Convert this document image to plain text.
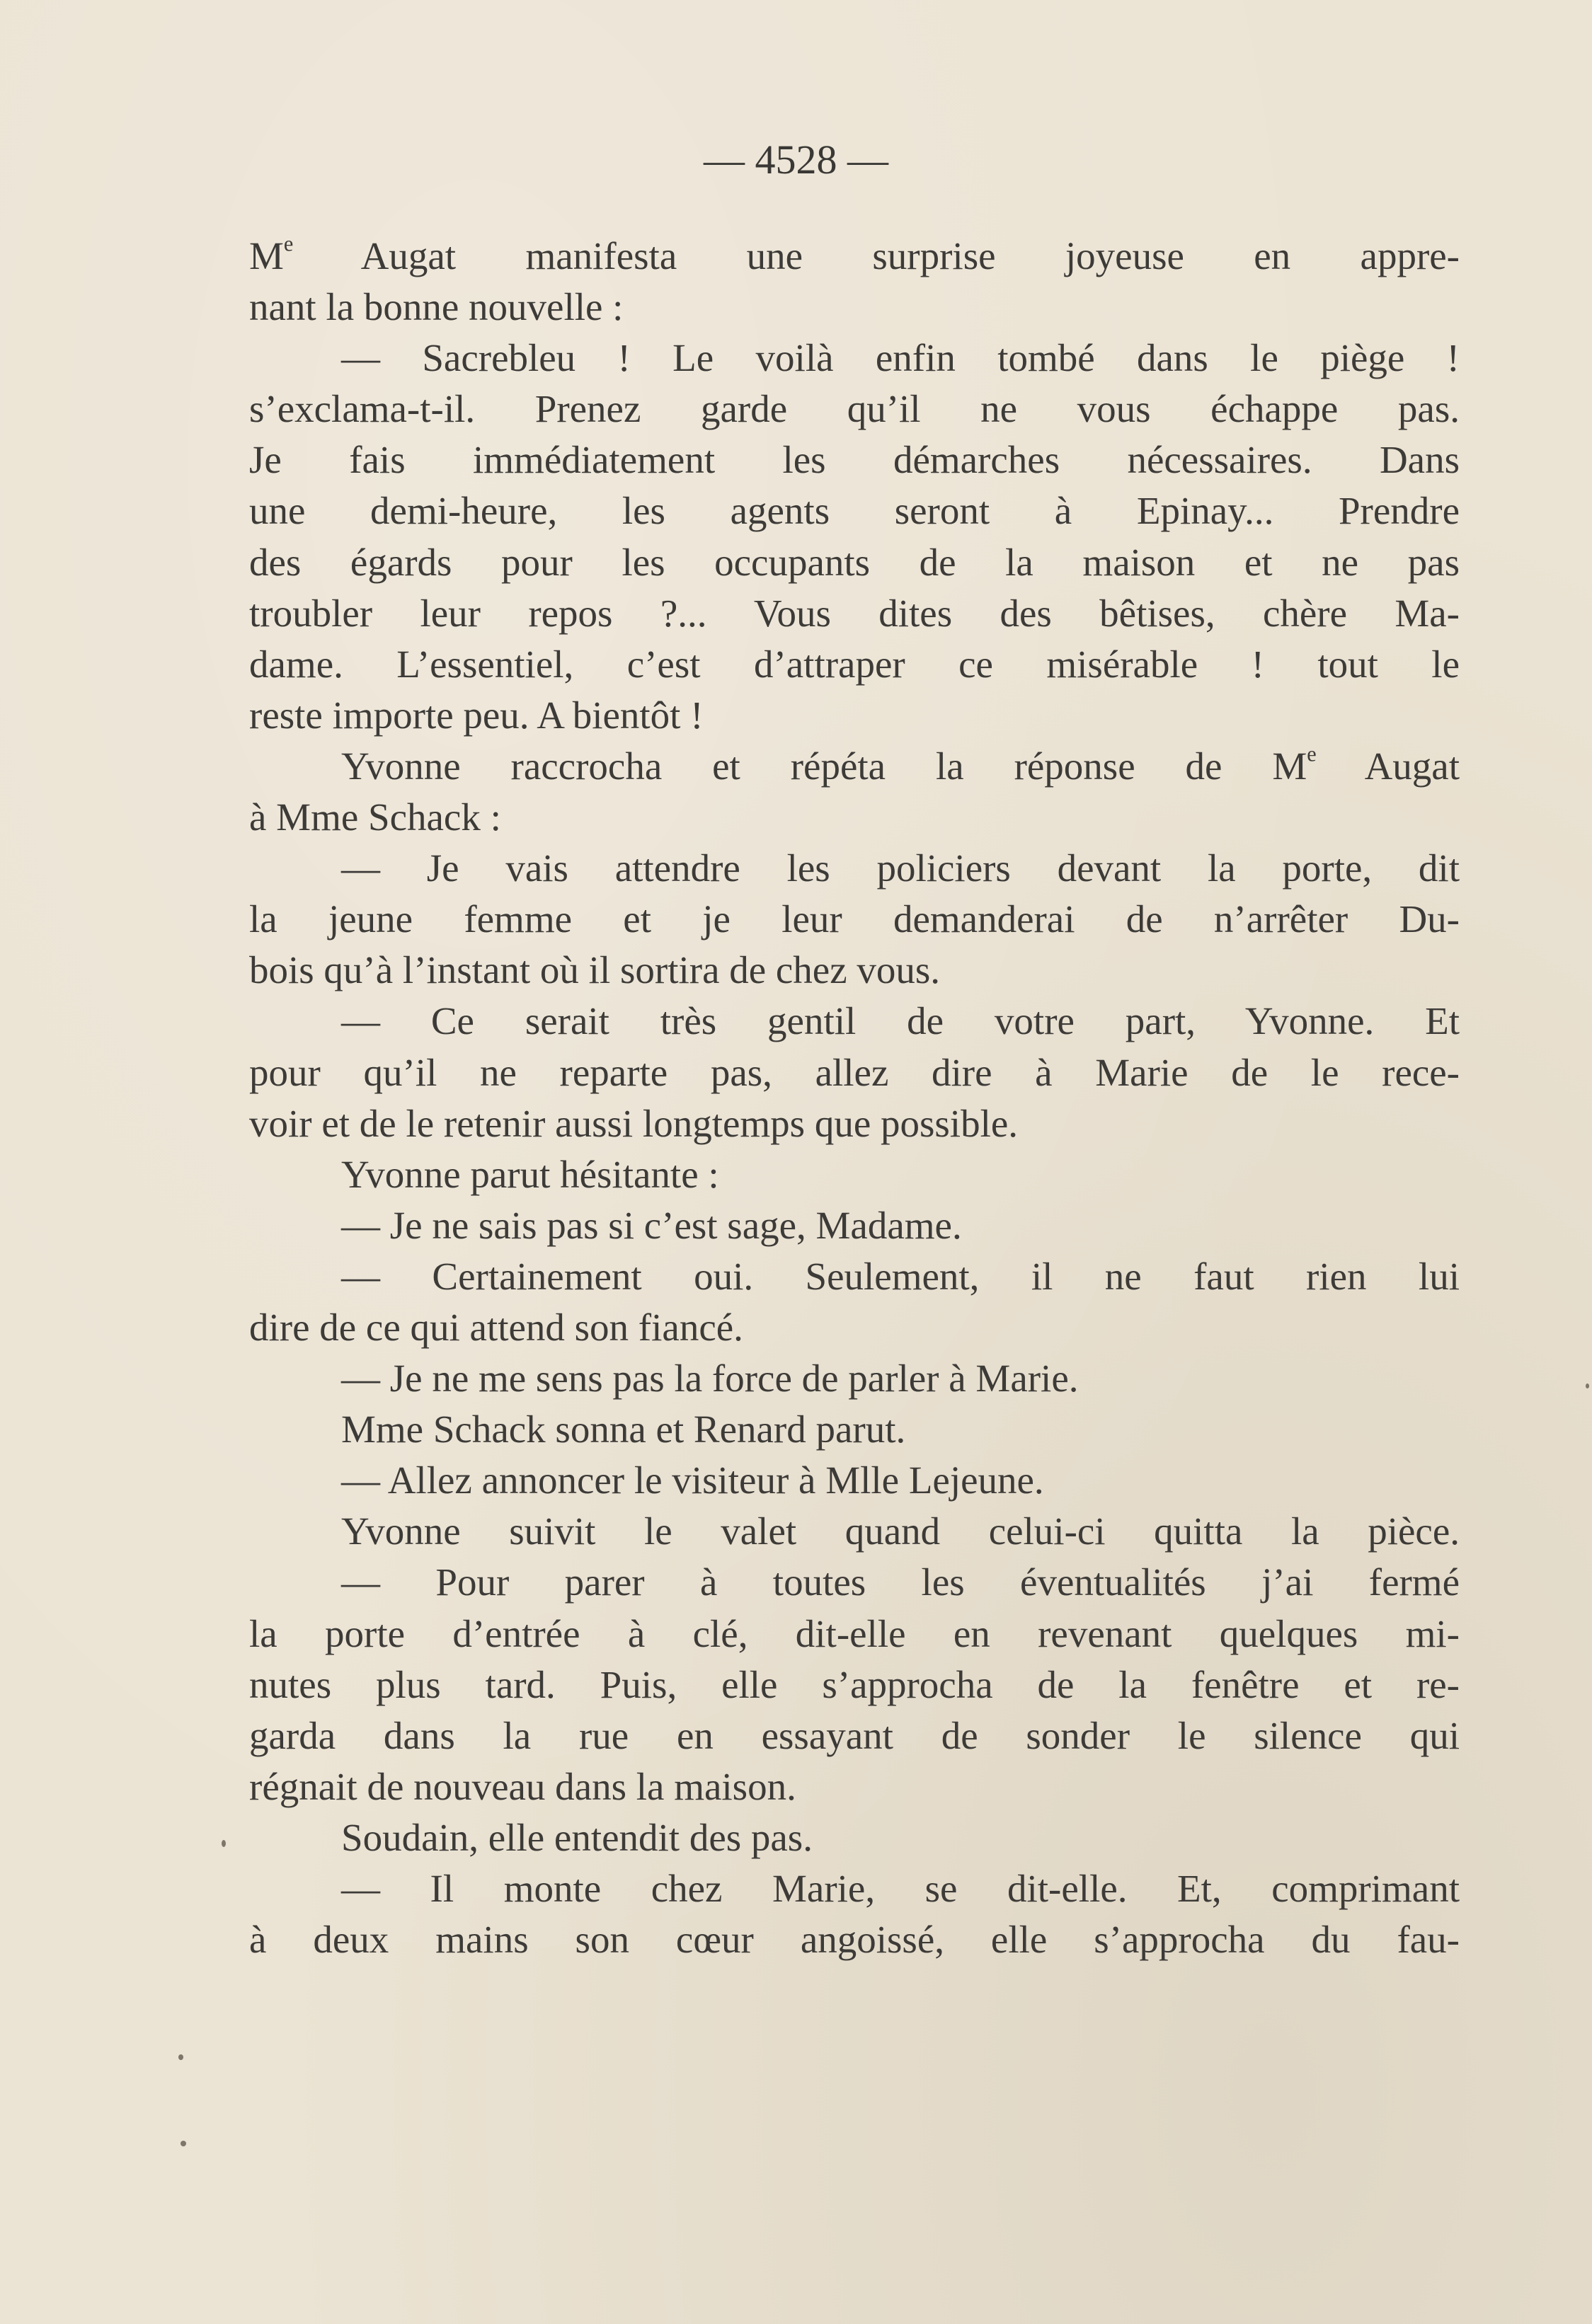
— 4528 —
Me Augat manifesta une surprise joyeuse en appre-
nant la bonne nouvelle :
— Sacrebleu ! Le voilà enfin tombé dans le piège !
s’exclama-t-il. Prenez garde qu’il ne vous échappe pas.
Je fais immédiatement les démarches nécessaires. Dans
une demi-heure, les agents seront à Epinay... Prendre
des égards pour les occupants de la maison et ne pas
troubler leur repos ?... Vous dites des bêtises, chère Ma-
dame. L’essentiel, c’est d’attraper ce misérable ! tout le
reste importe peu. A bientôt !
Yvonne raccrocha et répéta la réponse de Me Augat
à Mme Schack :
— Je vais attendre les policiers devant la porte, dit
la jeune femme et je leur demanderai de n’arrêter Du-
bois qu’à l’instant où il sortira de chez vous.
— Ce serait très gentil de votre part, Yvonne. Et
pour qu’il ne reparte pas, allez dire à Marie de le rece-
voir et de le retenir aussi longtemps que possible.
Yvonne parut hésitante :
— Je ne sais pas si c’est sage, Madame.
— Certainement oui. Seulement, il ne faut rien lui
dire de ce qui attend son fiancé.
— Je ne me sens pas la force de parler à Marie.
Mme Schack sonna et Renard parut.
— Allez annoncer le visiteur à Mlle Lejeune.
Yvonne suivit le valet quand celui-ci quitta la pièce.
— Pour parer à toutes les éventualités j’ai fermé
la porte d’entrée à clé, dit-elle en revenant quelques mi-
nutes plus tard. Puis, elle s’approcha de la fenêtre et re-
garda dans la rue en essayant de sonder le silence qui
régnait de nouveau dans la maison.
Soudain, elle entendit des pas.
— Il monte chez Marie, se dit-elle. Et, comprimant
à deux mains son cœur angoissé, elle s’approcha du fau-
